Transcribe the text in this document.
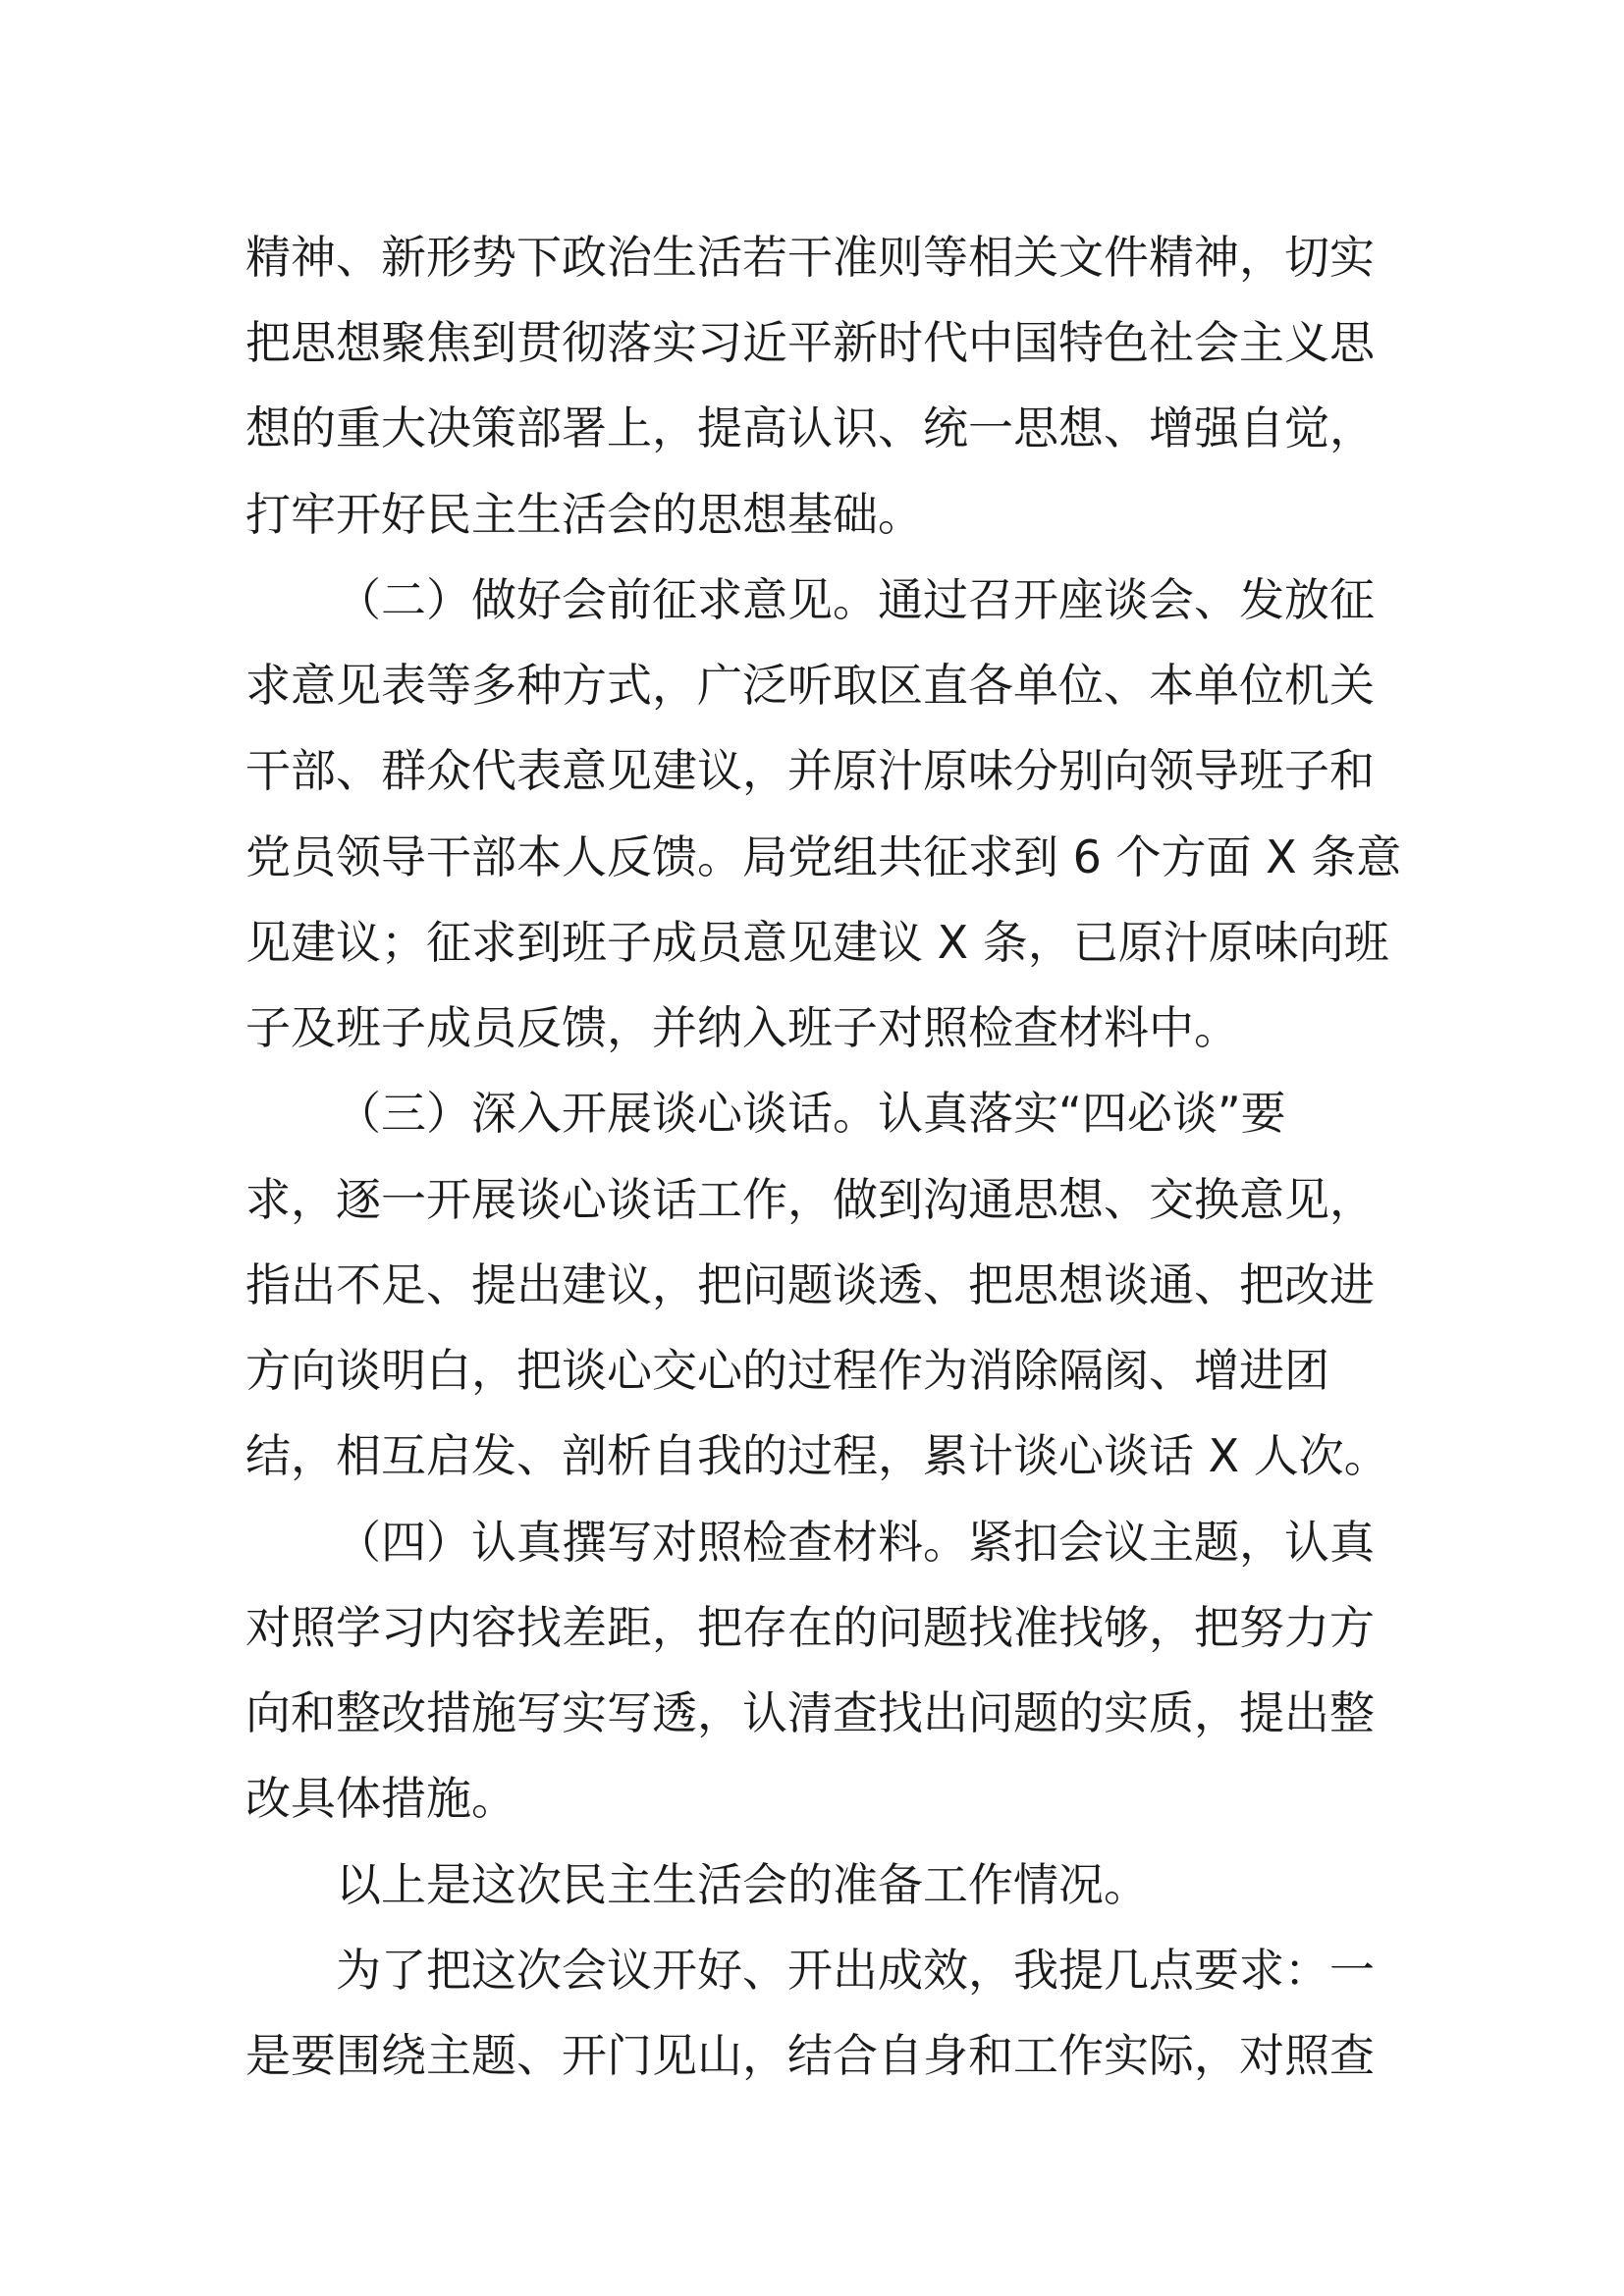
精神、新形势下政治生活若干准则等相关文件精神，切实
把思想聚焦到贯彻落实习近平新时代中国特色社会主义思
想的重大决策部署上，提高认识、统一思想、增强自觉，
打牢开好民主生活会的思想基础。
（二）做好会前征求意见。通过召开座谈会、发放征
求意见表等多种方式，广泛听取区直各单位、本单位机关
干部、群众代表意见建议，并原汁原味分别向领导班子和
党员领导干部本人反馈。局党组共征求到 6 个方面 X 条意
见建议；征求到班子成员意见建议 X 条，已原汁原味向班
子及班子成员反馈，并纳入班子对照检查材料中。
（三）深入开展谈心谈话。认真落实“四必谈”要
求，逐一开展谈心谈话工作，做到沟通思想、交换意见，
指出不足、提出建议，把问题谈透、把思想谈通、把改进
方向谈明白，把谈心交心的过程作为消除隔阂、增进团
结，相互启发、剖析自我的过程，累计谈心谈话 X 人次。
（四）认真撰写对照检查材料。紧扣会议主题，认真
对照学习内容找差距，把存在的问题找准找够，把努力方
向和整改措施写实写透，认清查找出问题的实质，提出整
改具体措施。
以上是这次民主生活会的准备工作情况。
为了把这次会议开好、开出成效，我提几点要求：一
是要围绕主题、开门见山，结合自身和工作实际，对照查
